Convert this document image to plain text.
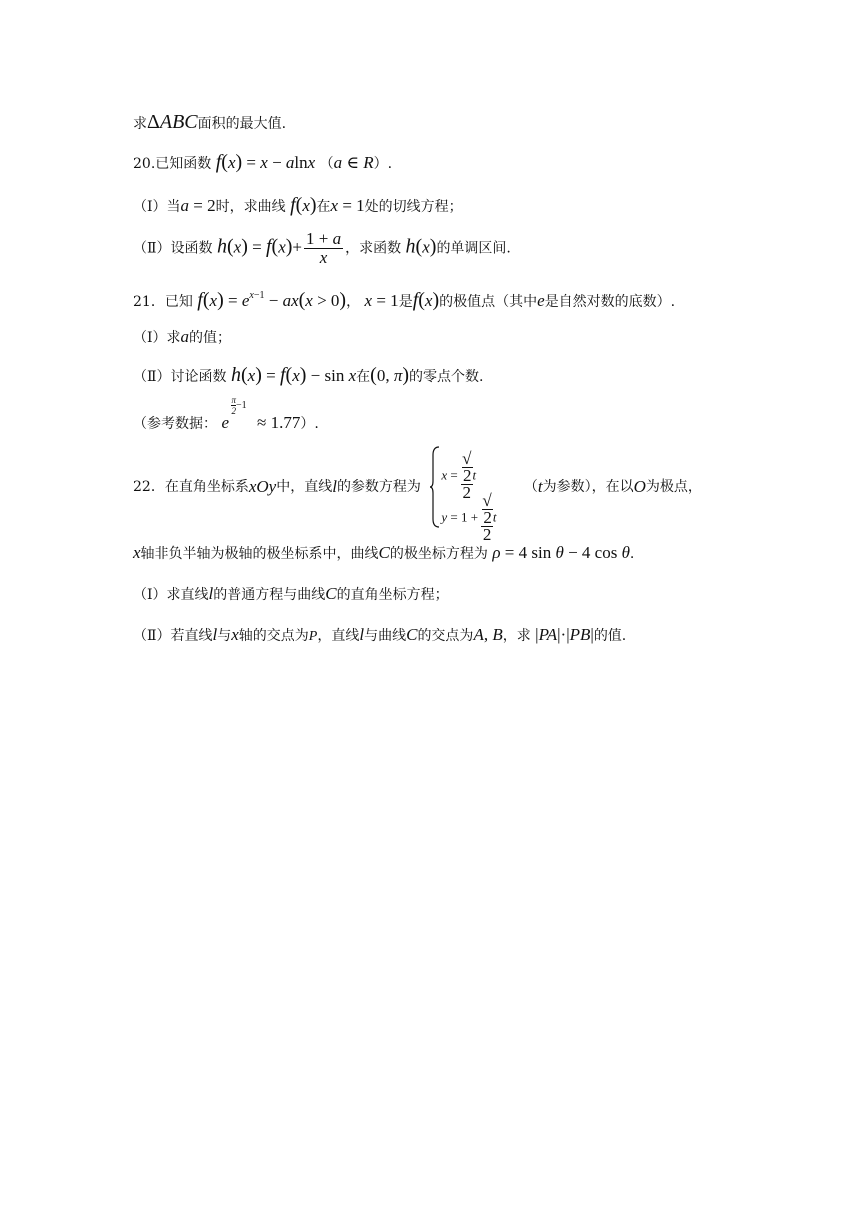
求ΔABC面积的最大值.
20.已知函数 f(x) = x − alnx （a ∈ R）.
（Ⅰ）当a = 2时，求曲线 f(x)在x = 1处的切线方程；
（Ⅱ）设函数 $h(x) = f(x)+ \frac{1 + a}{x}$ ，求函数 h(x)的单调区间.
21．已知 $f(x) = e^{x-1} - ax(x > 0)$， x = 1是f(x)的极值点（其中e是自然对数的底数）.
（Ⅰ）求a的值；
（Ⅱ）讨论函数 h(x) = f(x) − sin x在(0, π)的零点个数.
（参考数据： e
$\frac{\pi}{2} -1$
≈ 1.77）.
22．在直角坐标系xOy中，直线l的参数方程为
x = √
2
2 t
y = 1 + √
2
2 t
（t为参数），在以O为极点，
x轴非负半轴为极轴的极坐标系中，曲线C的极坐标方程为 ρ = 4 sin θ − 4 cos θ.
（Ⅰ）求直线l的普通方程与曲线C的直角坐标方程；
（Ⅱ）若直线l与x轴的交点为P，直线l与曲线C的交点为A, B，求 |PA|·|PB|的值.
